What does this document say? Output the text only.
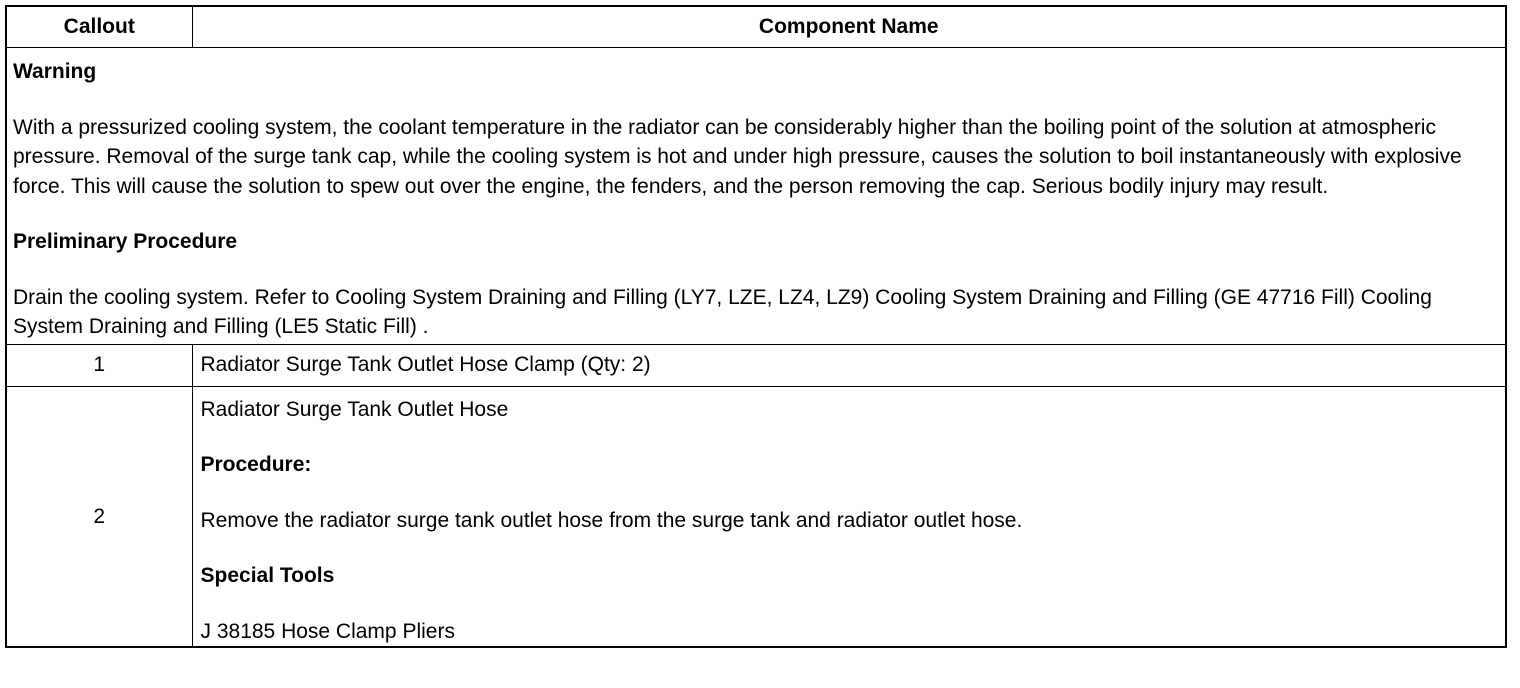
Callout	Component Name

Warning

With a pressurized cooling system, the coolant temperature in the radiator can be considerably higher than the boiling point of the solution at atmospheric pressure. Removal of the surge tank cap, while the cooling system is hot and under high pressure, causes the solution to boil instantaneously with explosive force. This will cause the solution to spew out over the engine, the fenders, and the person removing the cap. Serious bodily injury may result.

Preliminary Procedure

Drain the cooling system. Refer to Cooling System Draining and Filling (LY7, LZE, LZ4, LZ9) Cooling System Draining and Filling (GE 47716 Fill) Cooling System Draining and Filling (LE5 Static Fill) .	

1	Radiator Surge Tank Outlet Hose Clamp (Qty: 2)
2	Radiator Surge Tank Outlet Hose

Procedure:

Remove the radiator surge tank outlet hose from the surge tank and radiator outlet hose.

Special Tools

J 38185 Hose Clamp Pliers
